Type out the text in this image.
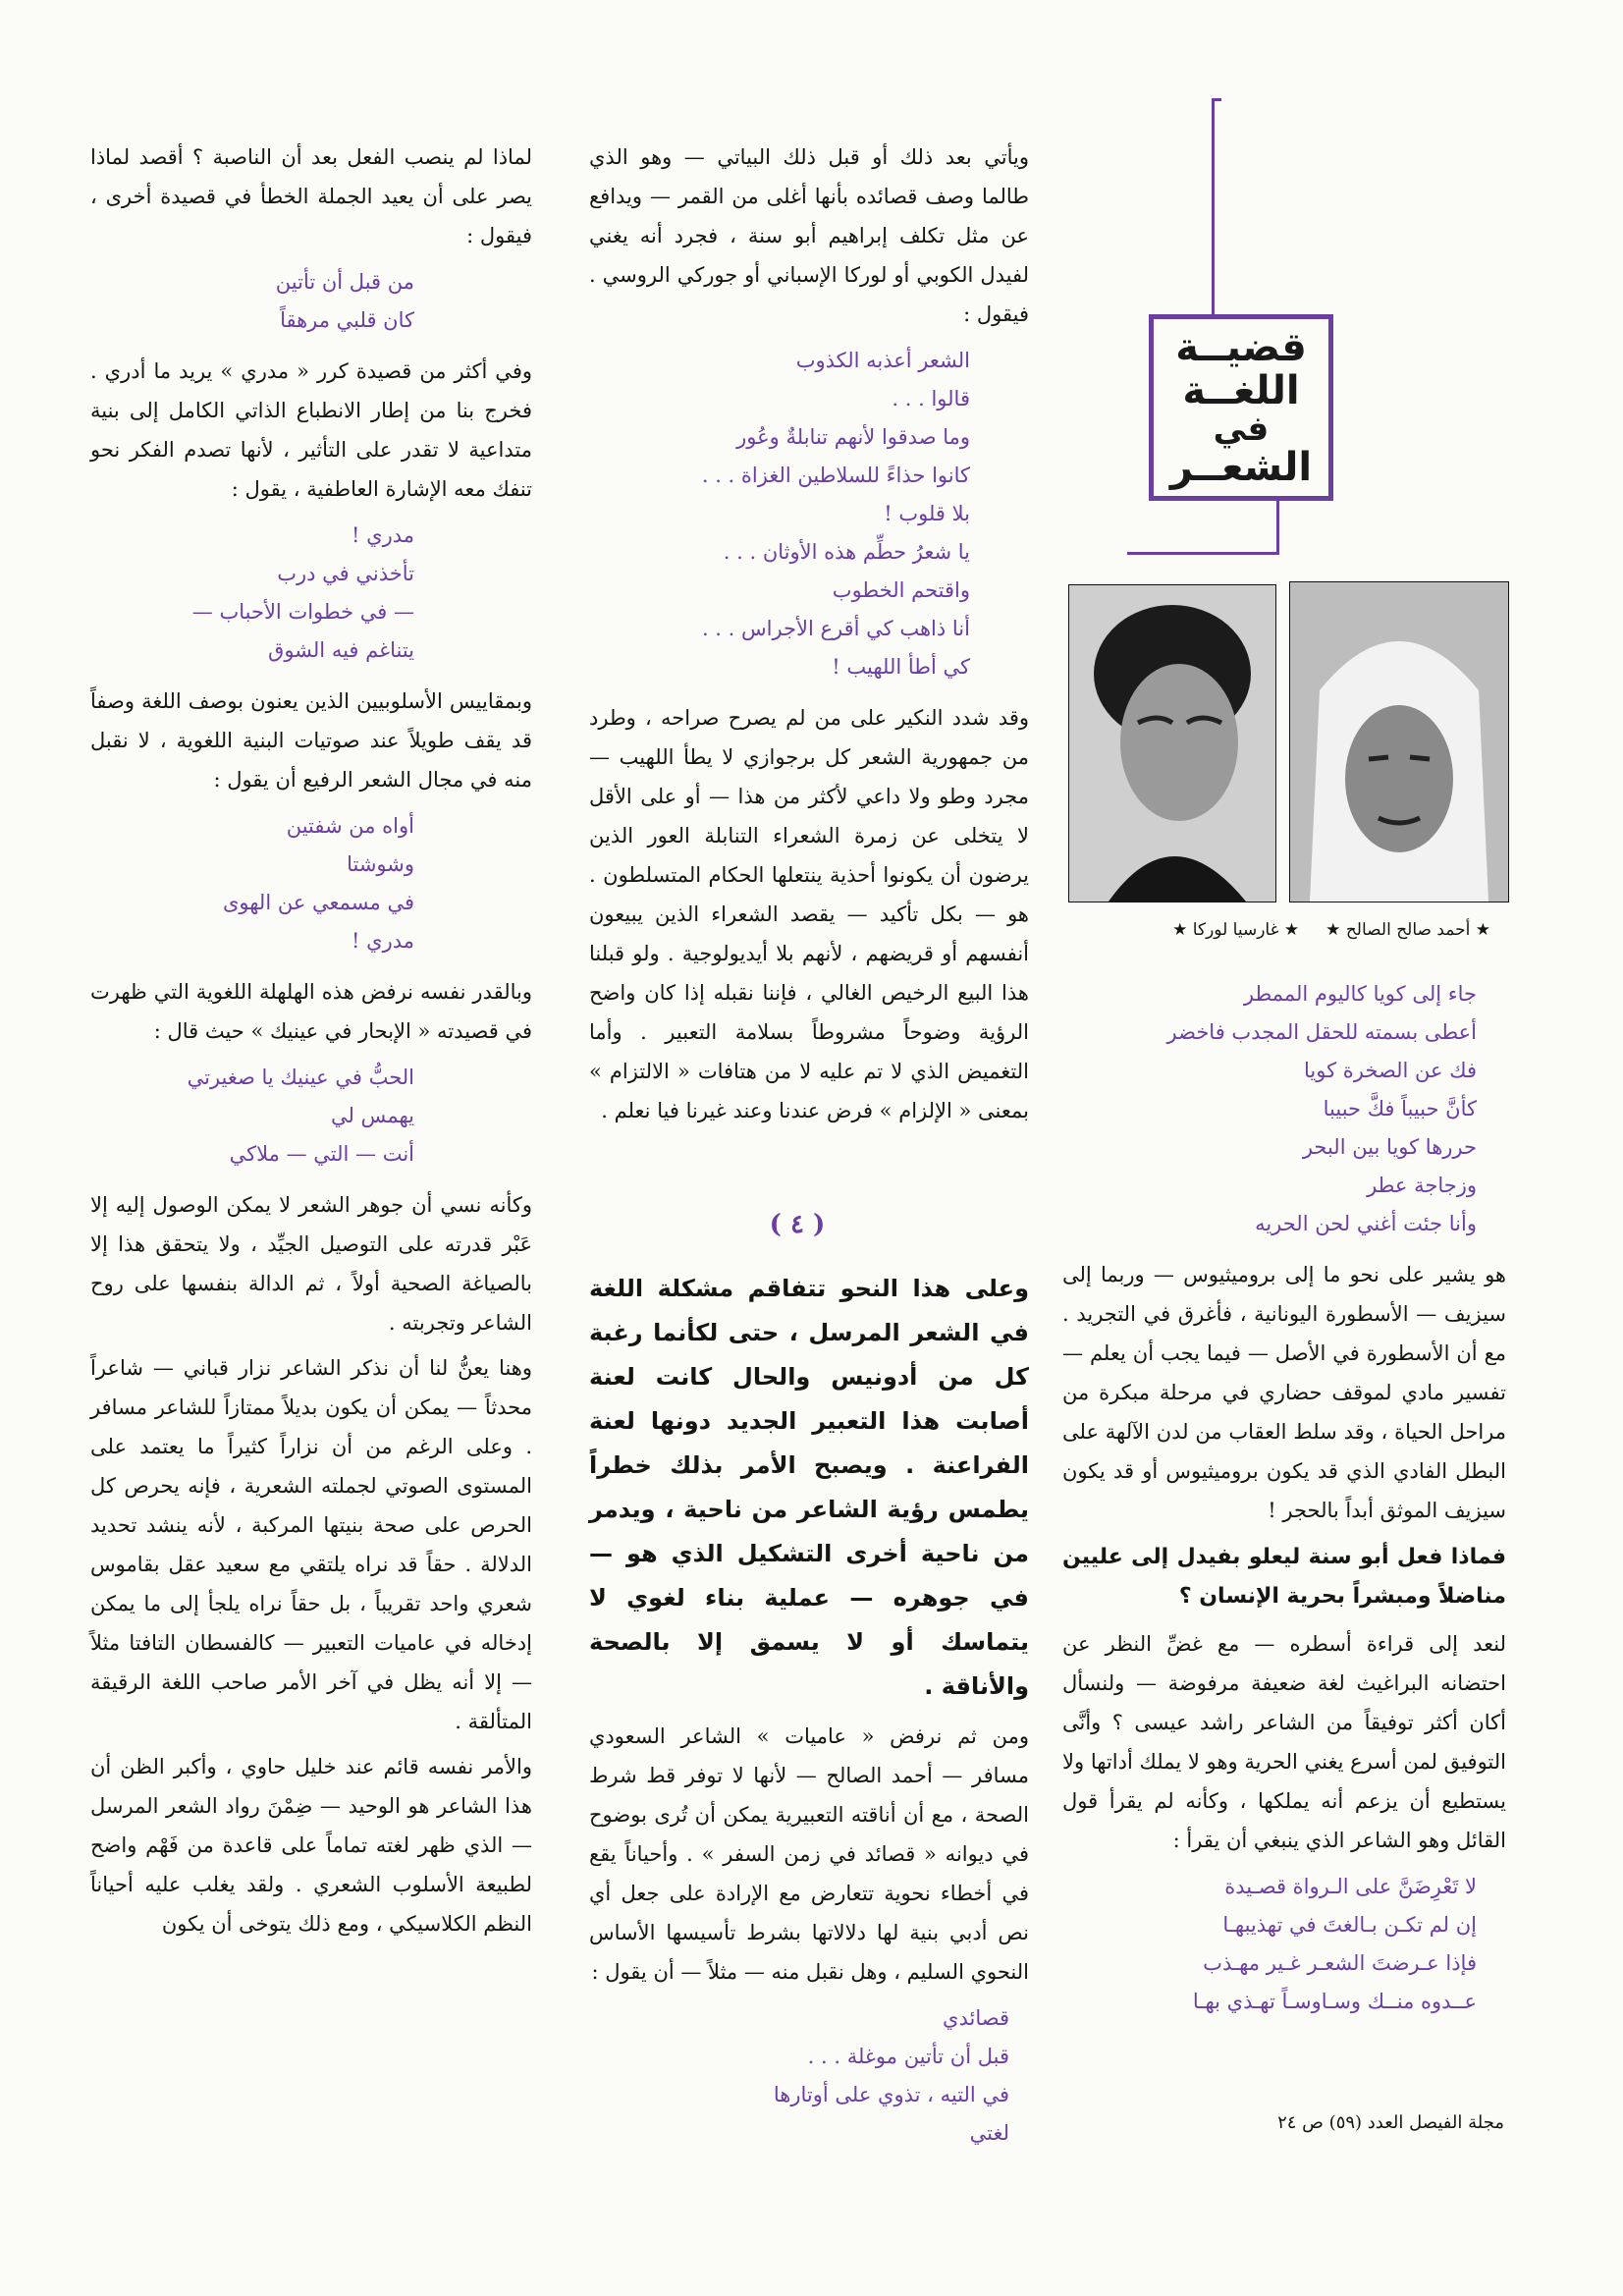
قضيــة
اللغــة
في
الشعــر
★ أحمد صالح الصالح ★     ★ غارسيا لوركا ★
جاء إلى كويا كاليوم الممطر
أعطى بسمته للحقل المجدب فاخضر
فك عن الصخرة كويا
كأنَّ حبيباً فكَّ حبيبا
حررها كويا بين البحر
وزجاجة عطر
وأنا جئت أغني لحن الحريه

هو يشير على نحو ما إلى بروميثيوس — وربما إلى سيزيف — الأسطورة اليونانية ، فأغرق في التجريد . مع أن الأسطورة في الأصل — فيما يجب أن يعلم — تفسير مادي لموقف حضاري في مرحلة مبكرة من مراحل الحياة ، وقد سلط العقاب من لدن الآلهة على البطل الفادي الذي قد يكون بروميثيوس أو قد يكون سيزيف الموثق أبداً بالحجر !

فماذا فعل أبو سنة ليعلو بفيدل إلى عليين مناضلاً ومبشراً بحرية الإنسان ؟

لنعد إلى قراءة أسطره — مع غضِّ النظر عن احتضانه البراغيث لغة ضعيفة مرفوضة — ولنسأل أكان أكثر توفيقاً من الشاعر راشد عيسى ؟ وأنَّى التوفيق لمن أسرع يغني الحرية وهو لا يملك أداتها ولا يستطيع أن يزعم أنه يملكها ، وكأنه لم يقرأ قول القائل وهو الشاعر الذي ينبغي أن يقرأ :

لا تَعْرِضَنَّ على الـرواة قصـيدة
إن لم تكـن بـالغتَ في تهذيبهـا
فإذا عـرضتَ الشعـر غـير مهـذب
عــدوه منــك وسـاوسـاً تهـذي بهـا

ويأتي بعد ذلك أو قبل ذلك البياتي — وهو الذي طالما وصف قصائده بأنها أغلى من القمر — ويدافع عن مثل تكلف إبراهيم أبو سنة ، فجرد أنه يغني لفيدل الكوبي أو لوركا الإسباني أو جوركي الروسي . فيقول :

الشعر أعذبه الكذوب
قالوا . . .
وما صدقوا لأنهم تنابلةٌ وعُور
كانوا حذاءً للسلاطين الغزاة . . .
بلا قلوب !
يا شعرُ حطِّم هذه الأوثان . . .
واقتحم الخطوب
أنا ذاهب كي أقرع الأجراس . . .
كي أطأ اللهيب !

وقد شدد النكير على من لم يصرح صراحه ، وطرد من جمهورية الشعر كل برجوازي لا يطأ اللهيب — مجرد وطو ولا داعي لأكثر من هذا — أو على الأقل لا يتخلى عن زمرة الشعراء التنابلة العور الذين يرضون أن يكونوا أحذية ينتعلها الحكام المتسلطون . هو — بكل تأكيد — يقصد الشعراء الذين يبيعون أنفسهم أو قريضهم ، لأنهم بلا أيديولوجية . ولو قبلنا هذا البيع الرخيص الغالي ، فإننا نقبله إذا كان واضح الرؤية وضوحاً مشروطاً بسلامة التعبير . وأما التغميض الذي لا تم عليه لا من هتافات « الالتزام » بمعنى « الإلزام » فرض عندنا وعند غيرنا فيا نعلم .

( ٤ )
وعلى هذا النحو تتفاقم مشكلة اللغة في الشعر المرسل ، حتى لكأنما رغبة كل من أدونيس والحال كانت لعنة أصابت هذا التعبير الجديد دونها لعنة الفراعنة . ويصبح الأمر بذلك خطراً يطمس رؤية الشاعر من ناحية ، ويدمر من ناحية أخرى التشكيل الذي هو — في جوهره — عملية بناء لغوي لا يتماسك أو لا يسمق إلا بالصحة والأناقة .

ومن ثم نرفض « عاميات » الشاعر السعودي مسافر — أحمد الصالح — لأنها لا توفر قط شرط الصحة ، مع أن أناقته التعبيرية يمكن أن تُرى بوضوح في ديوانه « قصائد في زمن السفر » . وأحياناً يقع في أخطاء نحوية تتعارض مع الإرادة على جعل أي نص أدبي بنية لها دلالاتها بشرط تأسيسها الأساس النحوي السليم ، وهل نقبل منه — مثلاً — أن يقول :

قصائدي
قبل أن تأتين موغلة . . .
في التيه ، تذوي على أوتارها
لغتي

لماذا لم ينصب الفعل بعد أن الناصبة ؟ أقصد لماذا يصر على أن يعيد الجملة الخطأ في قصيدة أخرى ، فيقول :

من قبل أن تأتين
كان قلبي مرهقاً

وفي أكثر من قصيدة كرر « مدري » يريد ما أدري . فخرج بنا من إطار الانطباع الذاتي الكامل إلى بنية متداعية لا تقدر على التأثير ، لأنها تصدم الفكر نحو تنفك معه الإشارة العاطفية ، يقول :

مدري !
تأخذني في درب
— في خطوات الأحباب —
يتناغم فيه الشوق

وبمقاييس الأسلوبيين الذين يعنون بوصف اللغة وصفاً قد يقف طويلاً عند صوتيات البنية اللغوية ، لا نقبل منه في مجال الشعر الرفيع أن يقول :

أواه من شفتين
وشوشتا
في مسمعي عن الهوى
مدري !

وبالقدر نفسه نرفض هذه الهلهلة اللغوية التي ظهرت في قصيدته « الإبحار في عينيك » حيث قال :

الحبُّ في عينيك يا صغيرتي
يهمس لي
أنت — التي — ملاكي

وكأنه نسي أن جوهر الشعر لا يمكن الوصول إليه إلا عَبْر قدرته على التوصيل الجيِّد ، ولا يتحقق هذا إلا بالصياغة الصحية أولاً ، ثم الدالة بنفسها على روح الشاعر وتجربته .

وهنا يعنُّ لنا أن نذكر الشاعر نزار قباني — شاعراً محدثاً — يمكن أن يكون بديلاً ممتازاً للشاعر مسافر . وعلى الرغم من أن نزاراً كثيراً ما يعتمد على المستوى الصوتي لجملته الشعرية ، فإنه يحرص كل الحرص على صحة بنيتها المركبة ، لأنه ينشد تحديد الدلالة . حقاً قد نراه يلتقي مع سعيد عقل بقاموس شعري واحد تقريباً ، بل حقاً نراه يلجأ إلى ما يمكن إدخاله في عاميات التعبير — كالفسطان التافتا مثلاً — إلا أنه يظل في آخر الأمر صاحب اللغة الرقيقة المتألقة .

والأمر نفسه قائم عند خليل حاوي ، وأكبر الظن أن هذا الشاعر هو الوحيد — ضِمْنَ رواد الشعر المرسل — الذي ظهر لغته تماماً على قاعدة من فَهْم واضح لطبيعة الأسلوب الشعري . ولقد يغلب عليه أحياناً النظم الكلاسيكي ، ومع ذلك يتوخى أن يكون

مجلة الفيصل العدد (٥٩) ص ٢٤
